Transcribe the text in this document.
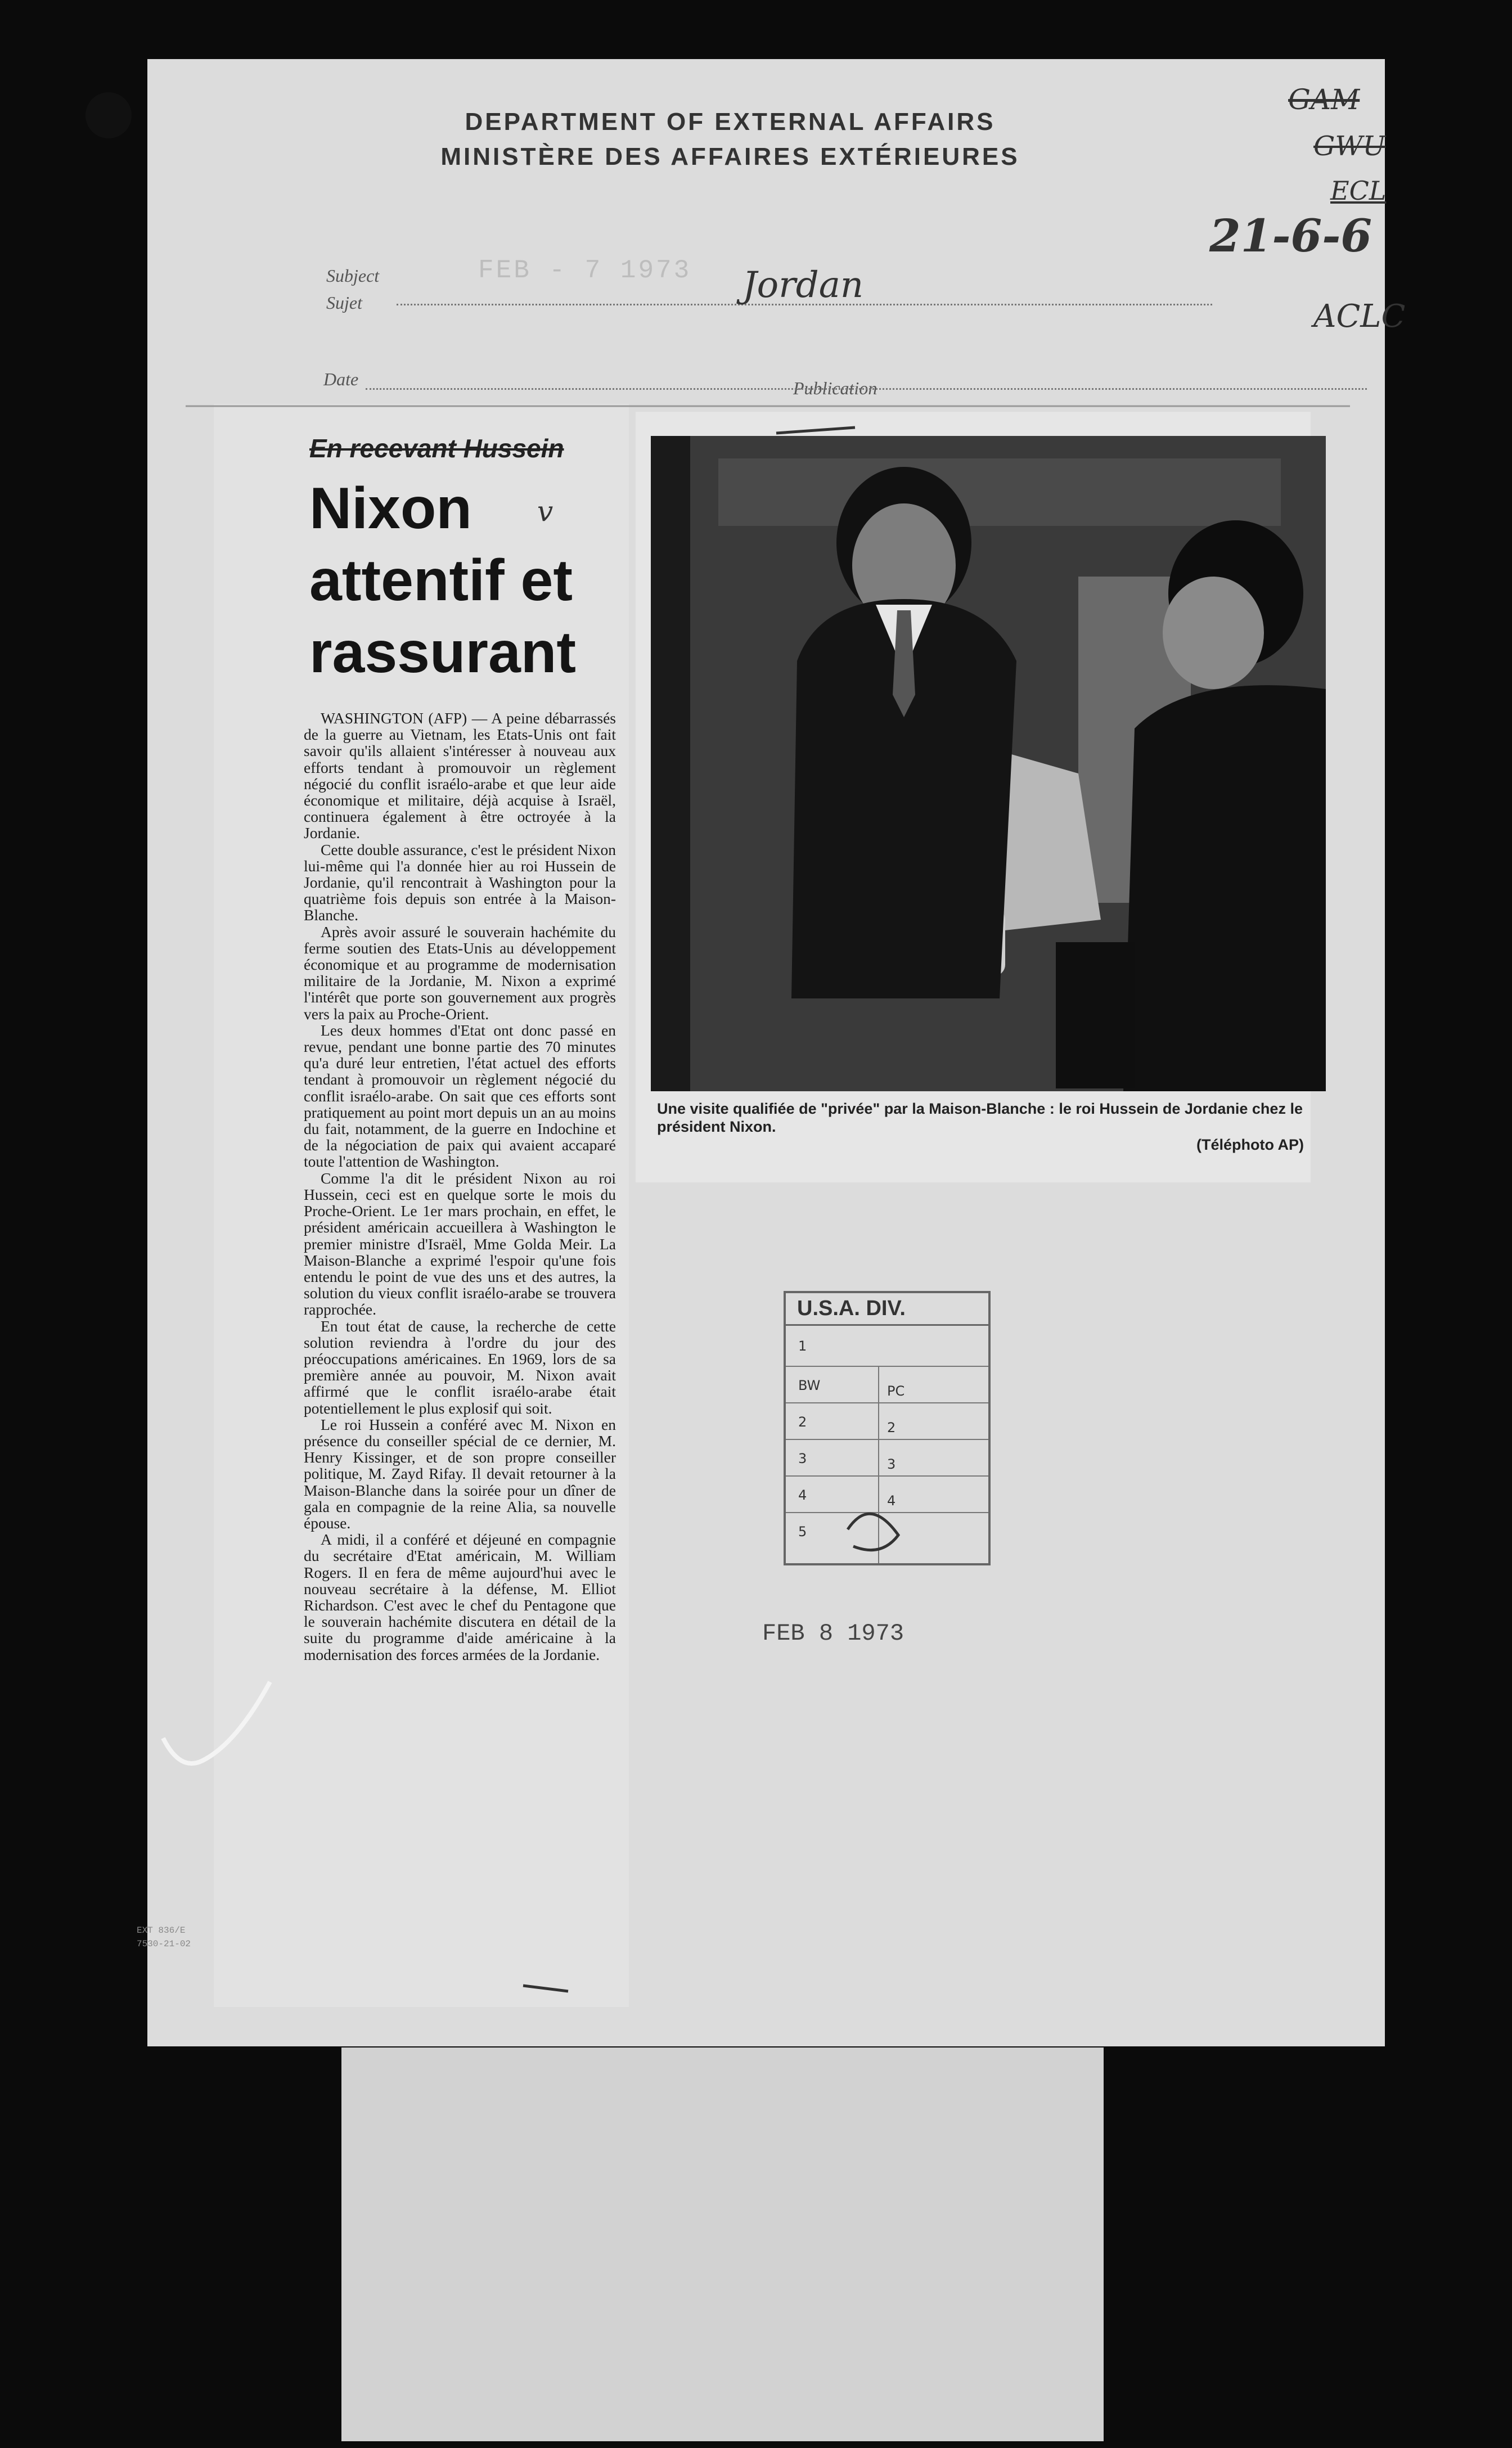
DEPARTMENT OF EXTERNAL AFFAIRS
MINISTÈRE DES AFFAIRES EXTÉRIEURES
Subject
Sujet
FEB - 7 1973 Jordan
Date	Publication
GAM
GWU
ECL
21-6-6
ACLC
En recevant Hussein
Nixon
attentif et
rassurant
v

WASHINGTON (AFP) — A peine débarrassés de la guerre au Vietnam, les Etats-Unis ont fait savoir qu'ils allaient s'intéresser à nouveau aux efforts tendant à promouvoir un règlement négocié du conflit israélo-arabe et que leur aide économique et militaire, déjà acquise à Israël, continuera également à être octroyée à la Jordanie.

Cette double assurance, c'est le président Nixon lui-même qui l'a donnée hier au roi Hussein de Jordanie, qu'il rencontrait à Washington pour la quatrième fois depuis son entrée à la Maison-Blanche.

Après avoir assuré le souverain hachémite du ferme soutien des Etats-Unis au développement économique et au programme de modernisation militaire de la Jordanie, M. Nixon a exprimé l'intérêt que porte son gouvernement aux progrès vers la paix au Proche-Orient.

Les deux hommes d'Etat ont donc passé en revue, pendant une bonne partie des 70 minutes qu'a duré leur entretien, l'état actuel des efforts tendant à promouvoir un règlement négocié du conflit israélo-arabe. On sait que ces efforts sont pratiquement au point mort depuis un an au moins du fait, notamment, de la guerre en Indochine et de la négociation de paix qui avaient accaparé toute l'attention de Washington.

Comme l'a dit le président Nixon au roi Hussein, ceci est en quelque sorte le mois du Proche-Orient. Le 1er mars prochain, en effet, le président américain accueillera à Washington le premier ministre d'Israël, Mme Golda Meir. La Maison-Blanche a exprimé l'espoir qu'une fois entendu le point de vue des uns et des autres, la solution du vieux conflit israélo-arabe se trouvera rapprochée.

En tout état de cause, la recherche de cette solution reviendra à l'ordre du jour des préoccupations américaines. En 1969, lors de sa première année au pouvoir, M. Nixon avait affirmé que le conflit israélo-arabe était potentiellement le plus explosif qui soit.

Le roi Hussein a conféré avec M. Nixon en présence du conseiller spécial de ce dernier, M. Henry Kissinger, et de son propre conseiller politique, M. Zayd Rifay. Il devait retourner à la Maison-Blanche dans la soirée pour un dîner de gala en compagnie de la reine Alia, sa nouvelle épouse.

A midi, il a conféré et déjeuné en compagnie du secrétaire d'Etat américain, M. William Rogers. Il en fera de même aujourd'hui avec le nouveau secrétaire à la défense, M. Elliot Richardson. C'est avec le chef du Pentagone que le souverain hachémite discutera en détail de la suite du programme d'aide américaine à la modernisation des forces armées de la Jordanie.

Une visite qualifiée de "privée" par la Maison-Blanche : le roi Hussein de Jordanie chez le président Nixon.
(Téléphoto AP)
U.S.A. DIV.
1
BW	PC
2	2
3	3
4	4
5
FEB 8 1973
EXT 836/E
7530-21-02
